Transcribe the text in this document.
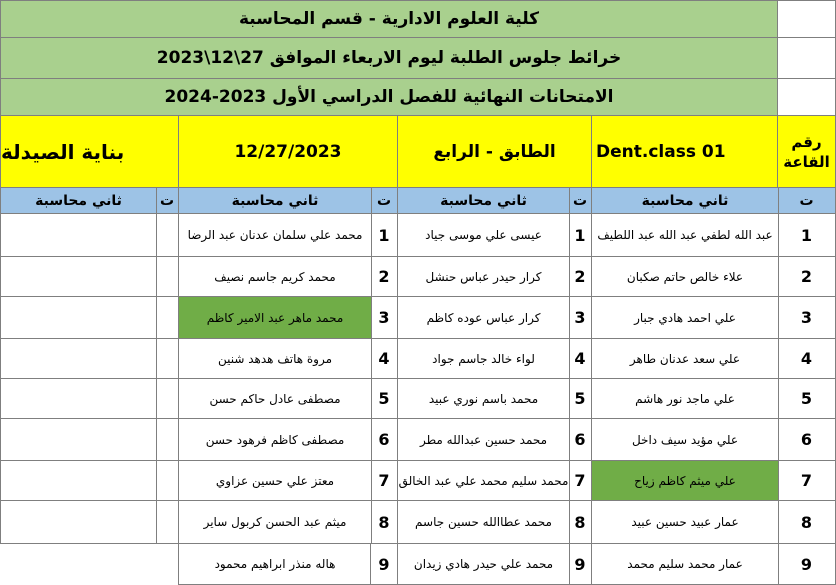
كلية العلوم الادارية - قسم المحاسبة
خرائط جلوس الطلبة ليوم الاربعاء الموافق 27\12\2023
الامتحانات النهائية للفصل الدراسي الأول 2023-2024
رقم
القاعة
Dent.class 01
الطابق - الرابع
12/27/2023
بناية الصيدلة
ت
ثاني محاسبة
1
عبد الله لطفي عبد الله عبد اللطيف
2
علاء خالص حاتم صكبان
3
علي احمد هادي جبار
4
علي سعد عدنان طاهر
5
علي ماجد نور هاشم
6
علي مؤيد سيف داخل
7
علي ميثم كاظم زياح
8
عمار عبيد حسين عبيد
9
عمار محمد سليم محمد
ت
ثاني محاسبة
1
عيسى علي موسى جياد
2
كرار حيدر عباس حنشل
3
كرار عباس عوده كاظم
4
لواء خالد جاسم جواد
5
محمد باسم نوري عبيد
6
محمد حسين عبدالله مطر
7
محمد سليم محمد علي عبد الخالق
8
محمد عطاالله حسين جاسم
9
محمد علي حيدر هادي زيدان
ت
ثاني محاسبة
1
محمد علي سلمان عدنان عبد الرضا
2
محمد كريم جاسم نصيف
3
محمد ماهر عبد الامير كاظم
4
مروة هاتف هدهد شنين
5
مصطفى عادل حاكم حسن
6
مصطفى كاظم فرهود حسن
7
معتز علي حسين عزاوي
8
ميثم عبد الحسن كربول ساير
هاله منذر ابراهيم محمود
ت
ثاني محاسبة
9
